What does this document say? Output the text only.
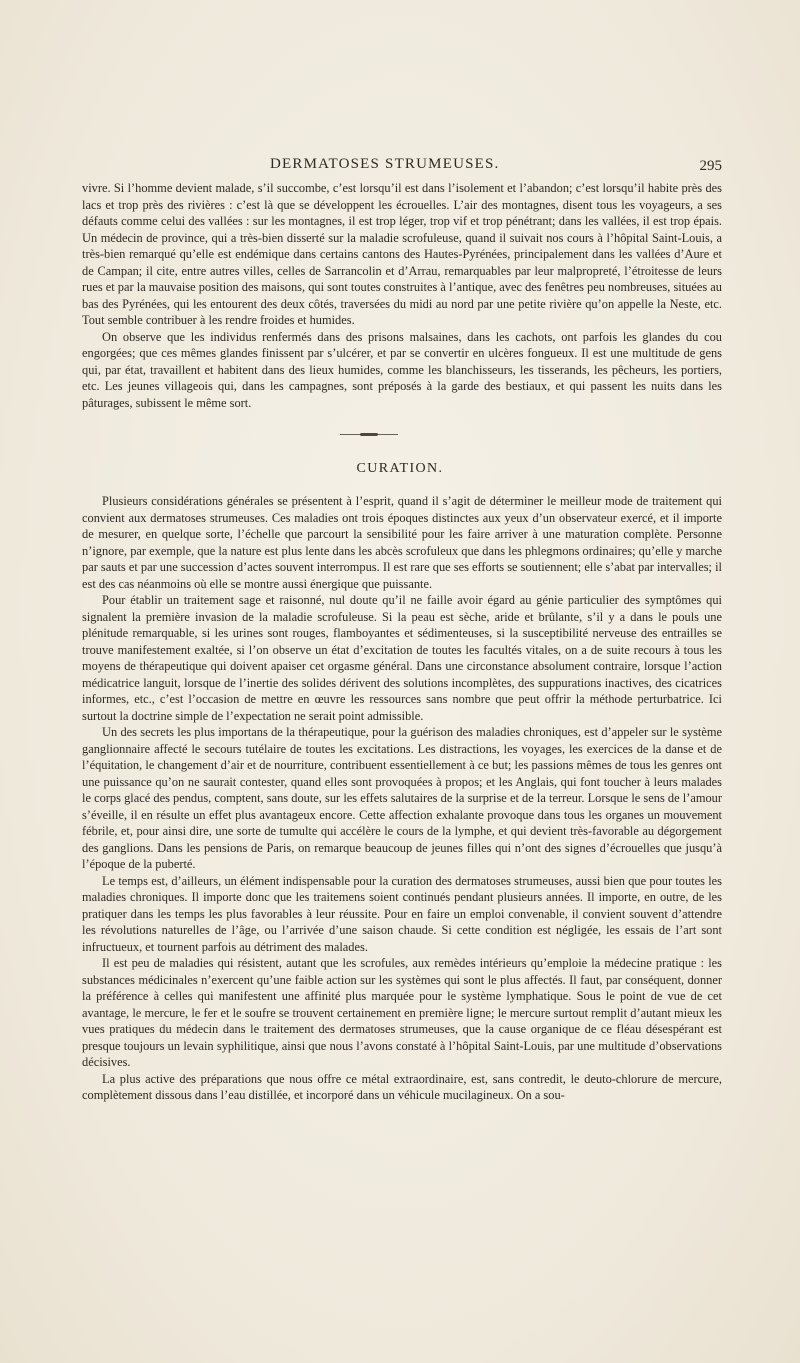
DERMATOSES STRUMEUSES.	295

vivre. Si l’homme devient malade, s’il succombe, c’est lorsqu’il est dans l’isolement et l’abandon; c’est lorsqu’il habite près des lacs et trop près des rivières : c’est là que se développent les écrouelles. L’air des montagnes, disent tous les voyageurs, a ses défauts comme celui des vallées : sur les montagnes, il est trop léger, trop vif et trop pénétrant; dans les vallées, il est trop épais. Un médecin de province, qui a très-bien disserté sur la maladie scrofuleuse, quand il suivait nos cours à l’hôpital Saint-Louis, a très-bien remarqué qu’elle est endémique dans certains cantons des Hautes-Pyrénées, principalement dans les vallées d’Aure et de Campan; il cite, entre autres villes, celles de Sarrancolin et d’Arrau, remarquables par leur malpropreté, l’étroitesse de leurs rues et par la mauvaise position des maisons, qui sont toutes construites à l’antique, avec des fenêtres peu nombreuses, situées au bas des Pyrénées, qui les entourent des deux côtés, traversées du midi au nord par une petite rivière qu’on appelle la Neste, etc. Tout semble contribuer à les rendre froides et humides.

On observe que les individus renfermés dans des prisons malsaines, dans les cachots, ont parfois les glandes du cou engorgées; que ces mêmes glandes finissent par s’ulcérer, et par se convertir en ulcères fongueux. Il est une multitude de gens qui, par état, travaillent et habitent dans des lieux humides, comme les blanchisseurs, les tisserands, les pêcheurs, les portiers, etc. Les jeunes villageois qui, dans les campagnes, sont préposés à la garde des bestiaux, et qui passent les nuits dans les pâturages, subissent le même sort.

CURATION.

Plusieurs considérations générales se présentent à l’esprit, quand il s’agit de déterminer le meilleur mode de traitement qui convient aux dermatoses strumeuses. Ces maladies ont trois époques distinctes aux yeux d’un observateur exercé, et il importe de mesurer, en quelque sorte, l’échelle que parcourt la sensibilité pour les faire arriver à une maturation complète. Personne n’ignore, par exemple, que la nature est plus lente dans les abcès scrofuleux que dans les phlegmons ordinaires; qu’elle y marche par sauts et par une succession d’actes souvent interrompus. Il est rare que ses efforts se soutiennent; elle s’abat par intervalles; il est des cas néanmoins où elle se montre aussi énergique que puissante.

Pour établir un traitement sage et raisonné, nul doute qu’il ne faille avoir égard au génie particulier des symptômes qui signalent la première invasion de la maladie scrofuleuse. Si la peau est sèche, aride et brûlante, s’il y a dans le pouls une plénitude remarquable, si les urines sont rouges, flamboyantes et sédimenteuses, si la susceptibilité nerveuse des entrailles se trouve manifestement exaltée, si l’on observe un état d’excitation de toutes les facultés vitales, on a de suite recours à tous les moyens de thérapeutique qui doivent apaiser cet orgasme général. Dans une circonstance absolument contraire, lorsque l’action médicatrice languit, lorsque de l’inertie des solides dérivent des solutions incomplètes, des suppurations inactives, des cicatrices informes, etc., c’est l’occasion de mettre en œuvre les ressources sans nombre que peut offrir la méthode perturbatrice. Ici surtout la doctrine simple de l’expectation ne serait point admissible.

Un des secrets les plus importans de la thérapeutique, pour la guérison des maladies chroniques, est d’appeler sur le système ganglionnaire affecté le secours tutélaire de toutes les excitations. Les distractions, les voyages, les exercices de la danse et de l’équitation, le changement d’air et de nourriture, contribuent essentiellement à ce but; les passions mêmes de tous les genres ont une puissance qu’on ne saurait contester, quand elles sont provoquées à propos; et les Anglais, qui font toucher à leurs malades le corps glacé des pendus, comptent, sans doute, sur les effets salutaires de la surprise et de la terreur. Lorsque le sens de l’amour s’éveille, il en résulte un effet plus avantageux encore. Cette affection exhalante provoque dans tous les organes un mouvement fébrile, et, pour ainsi dire, une sorte de tumulte qui accélère le cours de la lymphe, et qui devient très-favorable au dégorgement des ganglions. Dans les pensions de Paris, on remarque beaucoup de jeunes filles qui n’ont des signes d’écrouelles que jusqu’à l’époque de la puberté.

Le temps est, d’ailleurs, un élément indispensable pour la curation des dermatoses strumeuses, aussi bien que pour toutes les maladies chroniques. Il importe donc que les traitemens soient continués pendant plusieurs années. Il importe, en outre, de les pratiquer dans les temps les plus favorables à leur réussite. Pour en faire un emploi convenable, il convient souvent d’attendre les révolutions naturelles de l’âge, ou l’arrivée d’une saison chaude. Si cette condition est négligée, les essais de l’art sont infructueux, et tournent parfois au détriment des malades.

Il est peu de maladies qui résistent, autant que les scrofules, aux remèdes intérieurs qu’emploie la médecine pratique : les substances médicinales n’exercent qu’une faible action sur les systèmes qui sont le plus affectés. Il faut, par conséquent, donner la préférence à celles qui manifestent une affinité plus marquée pour le système lymphatique. Sous le point de vue de cet avantage, le mercure, le fer et le soufre se trouvent certainement en première ligne; le mercure surtout remplit d’autant mieux les vues pratiques du médecin dans le traitement des dermatoses strumeuses, que la cause organique de ce fléau désespérant est presque toujours un levain syphilitique, ainsi que nous l’avons constaté à l’hôpital Saint-Louis, par une multitude d’observations décisives.

La plus active des préparations que nous offre ce métal extraordinaire, est, sans contredit, le deuto-chlorure de mercure, complètement dissous dans l’eau distillée, et incorporé dans un véhicule mucilagineux. On a sou-
